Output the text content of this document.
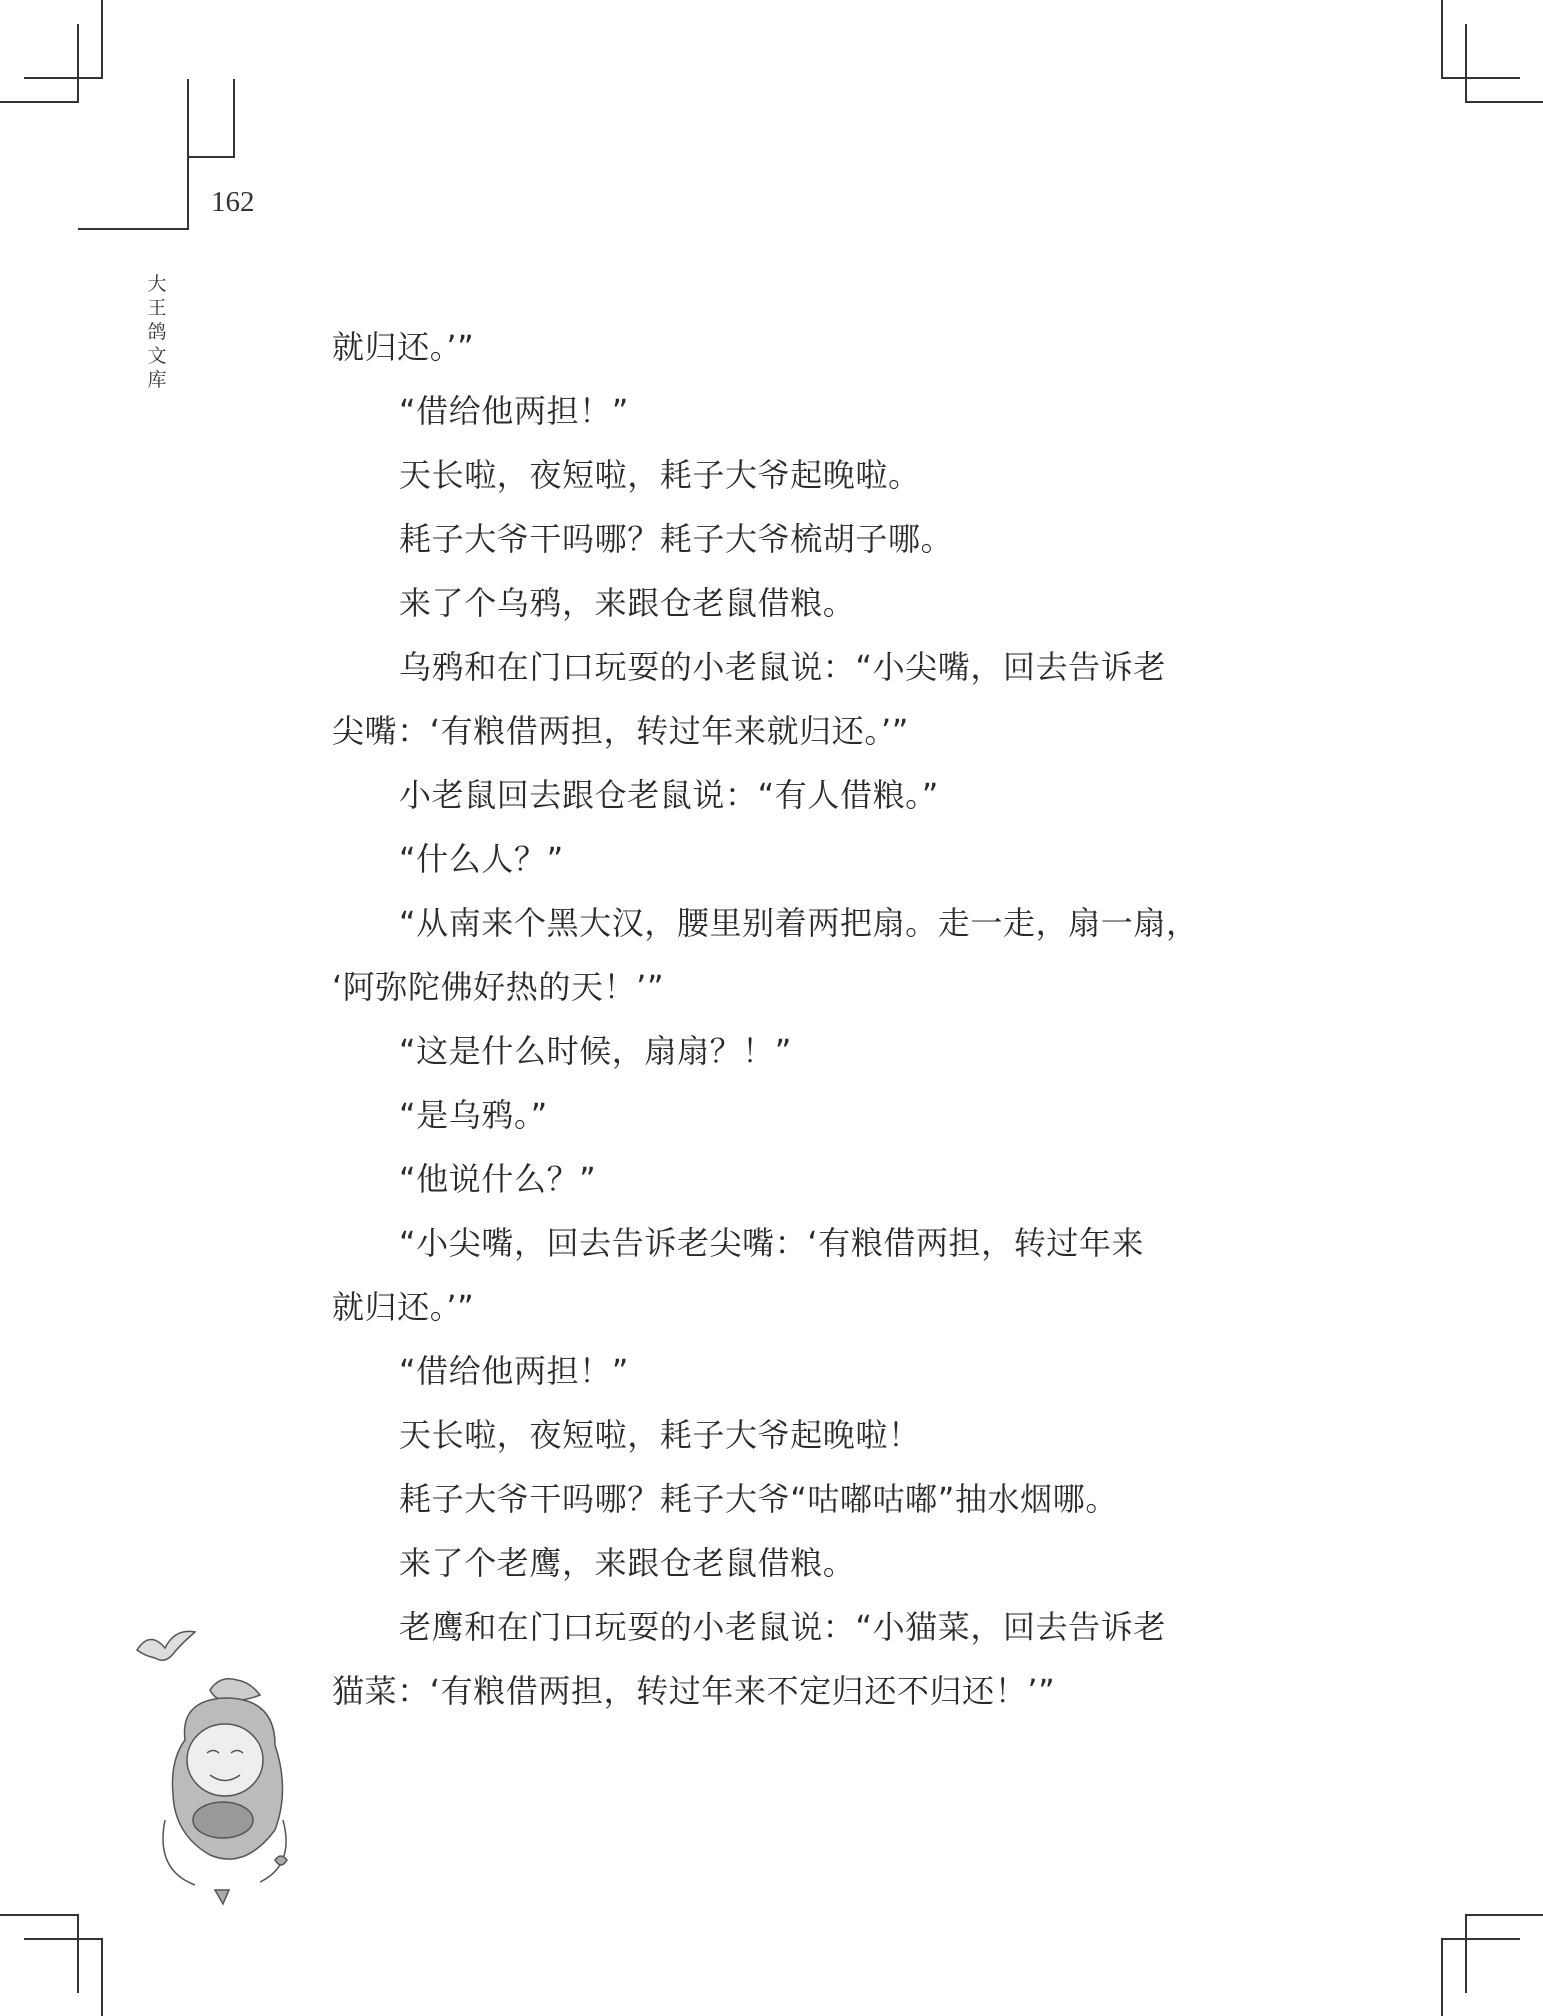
162
大
王
鸽
文
库
就归还。’”
“借给他两担！”
天长啦，夜短啦，耗子大爷起晚啦。
耗子大爷干吗哪？耗子大爷梳胡子哪。
来了个乌鸦，来跟仓老鼠借粮。
乌鸦和在门口玩耍的小老鼠说：“小尖嘴，回去告诉老
尖嘴：‘有粮借两担，转过年来就归还。’”
小老鼠回去跟仓老鼠说：“有人借粮。”
“什么人？”
“从南来个黑大汉，腰里别着两把扇。走一走，扇一扇，
‘阿弥陀佛好热的天！’”
“这是什么时候，扇扇？！”
“是乌鸦。”
“他说什么？”
“小尖嘴，回去告诉老尖嘴：‘有粮借两担，转过年来
就归还。’”
“借给他两担！”
天长啦，夜短啦，耗子大爷起晚啦！
耗子大爷干吗哪？耗子大爷“咕嘟咕嘟”抽水烟哪。
来了个老鹰，来跟仓老鼠借粮。
老鹰和在门口玩耍的小老鼠说：“小猫菜，回去告诉老
猫菜：‘有粮借两担，转过年来不定归还不归还！’”
